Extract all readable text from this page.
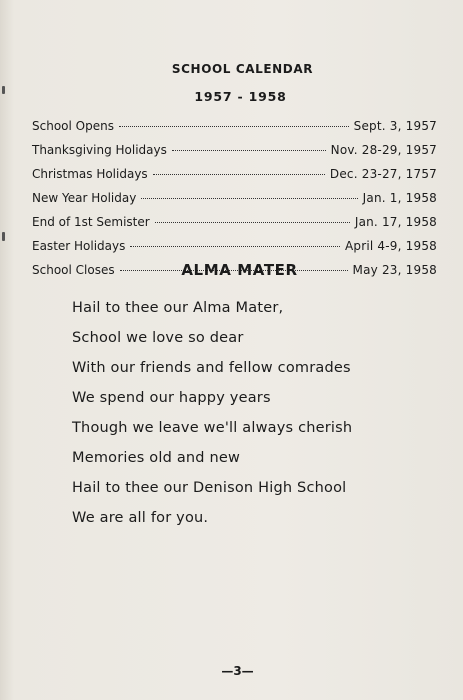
SCHOOL CALENDAR
1957 - 1958
School Opens	Sept. 3, 1957
Thanksgiving Holidays	Nov. 28-29, 1957
Christmas Holidays	Dec. 23-27, 1757
New Year Holiday	Jan. 1, 1958
End of 1st Semister	Jan. 17, 1958
Easter Holidays	April 4-9, 1958
School Closes	May 23, 1958
ALMA MATER
Hail to thee our Alma Mater,
School we love so dear
With our friends and fellow comrades
We spend our happy years
Though we leave we'll always cherish
Memories old and new
Hail to thee our Denison High School
We are all for you.
—3—
